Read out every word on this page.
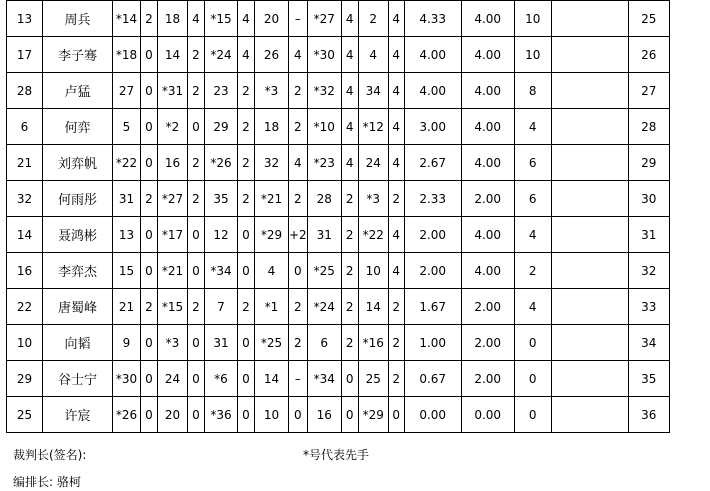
13	周兵	*14	2	18	4	*15	4	20	–	*27	4	2	4	4.33	4.00	10		25
17	李子骞	*18	0	14	2	*24	4	26	4	*30	4	4	4	4.00	4.00	10		26
28	卢猛	27	0	*31	2	23	2	*3	2	*32	4	34	4	4.00	4.00	8		27
6	何弈	5	0	*2	0	29	2	18	2	*10	4	*12	4	3.00	4.00	4		28
21	刘弈帆	*22	0	16	2	*26	2	32	4	*23	4	24	4	2.67	4.00	6		29
32	何雨彤	31	2	*27	2	35	2	*21	2	28	2	*3	2	2.33	2.00	6		30
14	聂鸿彬	13	0	*17	0	12	0	*29	+2	31	2	*22	4	2.00	4.00	4		31
16	李弈杰	15	0	*21	0	*34	0	4	0	*25	2	10	4	2.00	4.00	2		32
22	唐蜀峰	21	2	*15	2	7	2	*1	2	*24	2	14	2	1.67	2.00	4		33
10	向韬	9	0	*3	0	31	0	*25	2	6	2	*16	2	1.00	2.00	0		34
29	谷士宁	*30	0	24	0	*6	0	14	–	*34	0	25	2	0.67	2.00	0		35
25	许宸	*26	0	20	0	*36	0	10	0	16	0	*29	0	0.00	0.00	0		36
裁判长(签名):	*号代表先手
编排长: 骆柯
